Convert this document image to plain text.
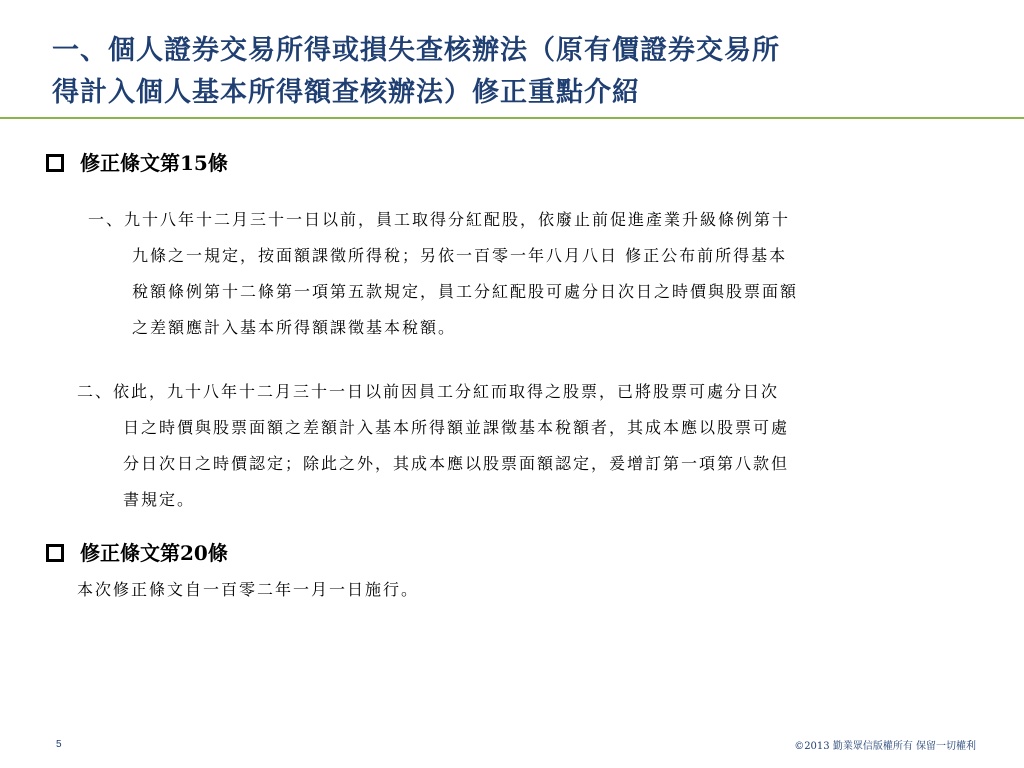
一、個人證券交易所得或損失查核辦法（原有價證券交易所
得計入個人基本所得額查核辦法）修正重點介紹
修正條文第15條
一、九十八年十二月三十一日以前，員工取得分紅配股，依廢止前促進產業升級條例第十
九條之一規定，按面額課徵所得稅；另依一百零一年八月八日 修正公布前所得基本
稅額條例第十二條第一項第五款規定，員工分紅配股可處分日次日之時價與股票面額
之差額應計入基本所得額課徵基本稅額。
二、依此，九十八年十二月三十一日以前因員工分紅而取得之股票，已將股票可處分日次
日之時價與股票面額之差額計入基本所得額並課徵基本稅額者，其成本應以股票可處
分日次日之時價認定；除此之外，其成本應以股票面額認定，爰增訂第一項第八款但
書規定。
修正條文第20條
本次修正條文自一百零二年一月一日施行。
5	©2013 勤業眾信版權所有 保留一切權利
